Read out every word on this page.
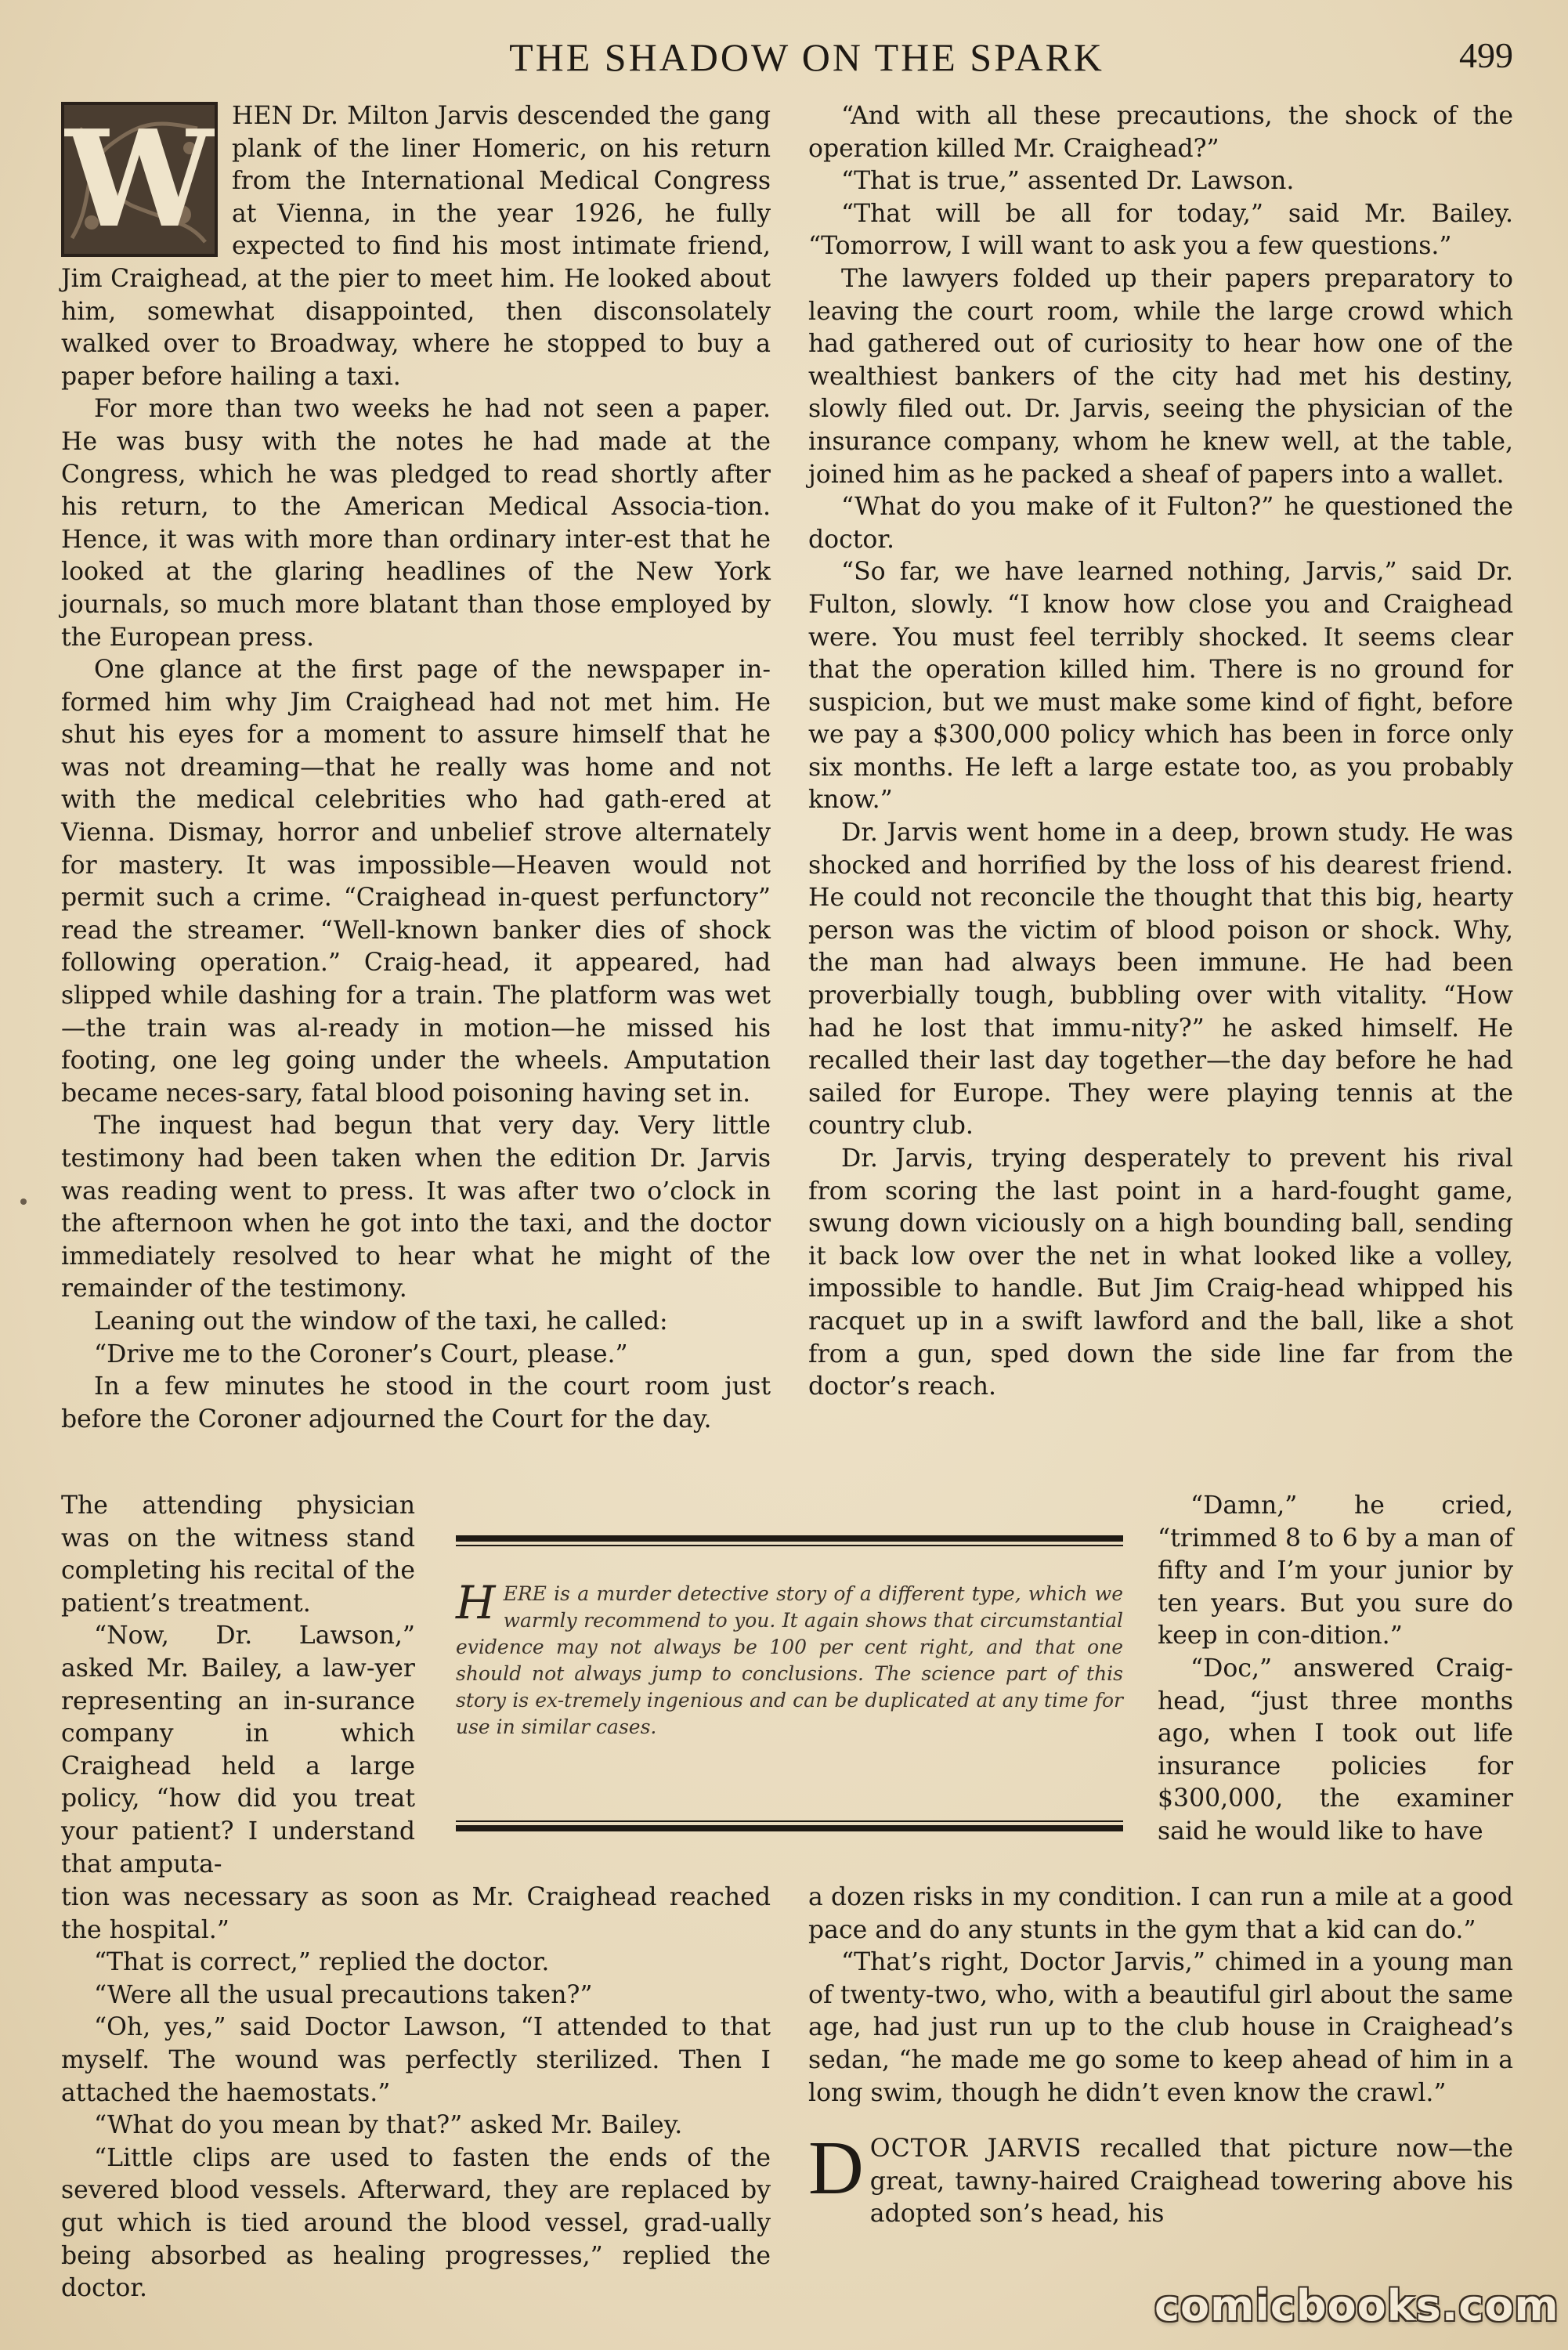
THE SHADOW ON THE SPARK	499
W HEN Dr. Milton Jarvis descended the gang plank of the liner Homeric, on his return from the International Medical Congress at Vienna, in the year 1926, he fully expected to find his most intimate friend, Jim Craighead, at the pier to meet him. He looked about him, somewhat disappointed, then disconsolately walked over to Broadway, where he stopped to buy a paper before hailing a taxi.

For more than two weeks he had not seen a paper. He was busy with the notes he had made at the Congress, which he was pledged to read shortly after his return, to the American Medical Associa-tion. Hence, it was with more than ordinary inter-est that he looked at the glaring headlines of the New York journals, so much more blatant than those employed by the European press.

One glance at the first page of the newspaper in-formed him why Jim Craighead had not met him. He shut his eyes for a moment to assure himself that he was not dreaming—that he really was home and not with the medical celebrities who had gath-ered at Vienna. Dismay, horror and unbelief strove alternately for mastery. It was impossible—Heaven would not permit such a crime. “Craighead in-quest perfunctory” read the streamer. “Well-known banker dies of shock following operation.” Craig-head, it appeared, had slipped while dashing for a train. The platform was wet—the train was al-ready in motion—he missed his footing, one leg going under the wheels. Amputation became neces-sary, fatal blood poisoning having set in.

The inquest had begun that very day. Very little testimony had been taken when the edition Dr. Jarvis was reading went to press. It was after two o’clock in the afternoon when he got into the taxi, and the doctor immediately resolved to hear what he might of the remainder of the testimony.

Leaning out the window of the taxi, he called:

“Drive me to the Coroner’s Court, please.”

In a few minutes he stood in the court room just before the Coroner adjourned the Court for the day.

The attending physician was on the witness stand completing his recital of the patient’s treatment.

“Now, Dr. Lawson,” asked Mr. Bailey, a law-yer representing an in-surance company in which Craighead held a large policy, “how did you treat your patient? I understand that amputa-

HERE is a murder detective story of a different type, which we warmly recommend to you. It again shows that circumstantial evidence may not always be 100 per cent right, and that one should not always jump to conclusions. The science part of this story is ex-tremely ingenious and can be duplicated at any time for use in similar cases.

“And with all these precautions, the shock of the operation killed Mr. Craighead?”

“That is true,” assented Dr. Lawson.

“That will be all for today,” said Mr. Bailey. “Tomorrow, I will want to ask you a few questions.”

The lawyers folded up their papers preparatory to leaving the court room, while the large crowd which had gathered out of curiosity to hear how one of the wealthiest bankers of the city had met his destiny, slowly filed out. Dr. Jarvis, seeing the physician of the insurance company, whom he knew well, at the table, joined him as he packed a sheaf of papers into a wallet.

“What do you make of it Fulton?” he questioned the doctor.

“So far, we have learned nothing, Jarvis,” said Dr. Fulton, slowly. “I know how close you and Craighead were. You must feel terribly shocked. It seems clear that the operation killed him. There is no ground for suspicion, but we must make some kind of fight, before we pay a $300,000 policy which has been in force only six months. He left a large estate too, as you probably know.”

Dr. Jarvis went home in a deep, brown study. He was shocked and horrified by the loss of his dearest friend. He could not reconcile the thought that this big, hearty person was the victim of blood poison or shock. Why, the man had always been immune. He had been proverbially tough, bubbling over with vitality. “How had he lost that immu-nity?” he asked himself. He recalled their last day together—the day before he had sailed for Europe. They were playing tennis at the country club.

Dr. Jarvis, trying desperately to prevent his rival from scoring the last point in a hard-fought game, swung down viciously on a high bounding ball, sending it back low over the net in what looked like a volley, impossible to handle. But Jim Craig-head whipped his racquet up in a swift lawford and the ball, like a shot from a gun, sped down the side line far from the doctor’s reach.

“Damn,” he cried, “trimmed 8 to 6 by a man of fifty and I’m your junior by ten years. But you sure do keep in con-dition.”

“Doc,” answered Craig-head, “just three months ago, when I took out life insurance policies for $300,000, the examiner said he would like to have

tion was necessary as soon as Mr. Craighead reached the hospital.”

“That is correct,” replied the doctor.

“Were all the usual precautions taken?”

“Oh, yes,” said Doctor Lawson, “I attended to that myself. The wound was perfectly sterilized. Then I attached the haemostats.”

“What do you mean by that?” asked Mr. Bailey.

“Little clips are used to fasten the ends of the severed blood vessels. Afterward, they are replaced by gut which is tied around the blood vessel, grad-ually being absorbed as healing progresses,” replied the doctor.

a dozen risks in my condition. I can run a mile at a good pace and do any stunts in the gym that a kid can do.”

“That’s right, Doctor Jarvis,” chimed in a young man of twenty-two, who, with a beautiful girl about the same age, had just run up to the club house in Craighead’s sedan, “he made me go some to keep ahead of him in a long swim, though he didn’t even know the crawl.”

DOCTOR JARVIS recalled that picture now—the great, tawny-haired Craighead towering above his adopted son’s head, his

comicbooks.com
